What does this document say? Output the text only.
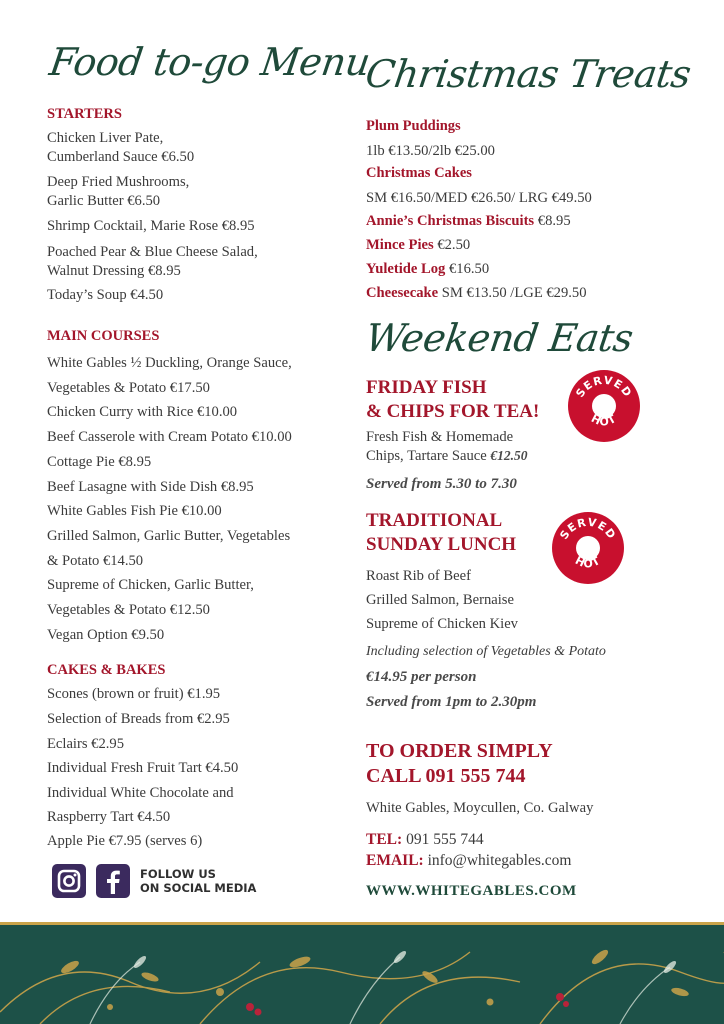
Food to-go Menu
STARTERS
Chicken Liver Pate,
Cumberland Sauce €6.50
Deep Fried Mushrooms,
Garlic Butter €6.50
Shrimp Cocktail, Marie Rose €8.95
Poached Pear & Blue Cheese Salad,
Walnut Dressing €8.95
Today’s Soup €4.50
MAIN COURSES
White Gables ½ Duckling, Orange Sauce,
Vegetables & Potato €17.50
Chicken Curry with Rice €10.00
Beef Casserole with Cream Potato €10.00
Cottage Pie €8.95
Beef Lasagne with Side Dish €8.95
White Gables Fish Pie €10.00
Grilled Salmon, Garlic Butter, Vegetables
& Potato €14.50
Supreme of Chicken, Garlic Butter,
Vegetables & Potato €12.50
Vegan Option €9.50
CAKES & BAKES
Scones (brown or fruit) €1.95
Selection of Breads from €2.95
Eclairs €2.95
Individual Fresh Fruit Tart €4.50
Individual White Chocolate and
Raspberry Tart €4.50
Apple Pie €7.95 (serves 6)
FOLLOW US
ON SOCIAL MEDIA
Christmas Treats
Plum Puddings
1lb €13.50/2lb €25.00
Christmas Cakes
SM €16.50/MED €26.50/ LRG €49.50
Annie’s Christmas Biscuits €8.95
Mince Pies €2.50
Yuletide Log €16.50
Cheesecake SM €13.50 /LGE €29.50
Weekend Eats
FRIDAY FISH
& CHIPS FOR TEA!
SERVED
HOT
Fresh Fish & Homemade
Chips, Tartare Sauce €12.50
Served from 5.30 to 7.30
TRADITIONAL
SUNDAY LUNCH	SERVED
HOT
Roast Rib of Beef
Grilled Salmon, Bernaise
Supreme of Chicken Kiev
Including selection of Vegetables & Potato
€14.95 per person
Served from 1pm to 2.30pm
TO ORDER SIMPLY
CALL 091 555 744
White Gables, Moycullen, Co. Galway
TEL: 091 555 744
EMAIL: info@whitegables.com
WWW.WHITEGABLES.COM
